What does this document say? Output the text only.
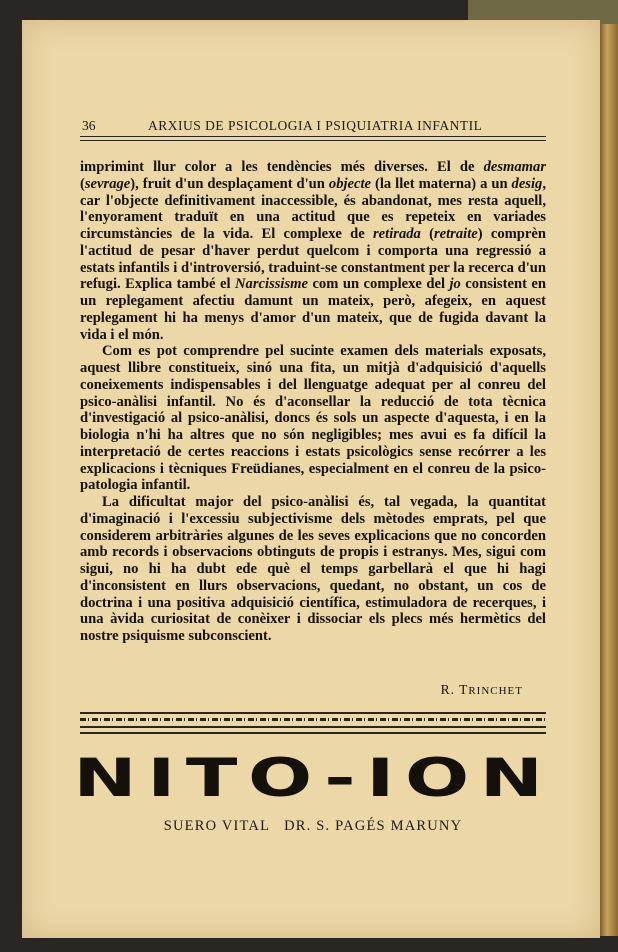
36	ARXIUS DE PSICOLOGIA I PSIQUIATRIA INFANTIL

imprimint llur color a les tendències més diverses. El de desmamar (sevrage), fruit d'un desplaçament d'un objecte (la llet materna) a un desig, car l'objecte definitivament inaccessible, és abandonat, mes resta aquell, l'enyorament traduït en una actitud que es repeteix en variades circumstàncies de la vida. El complexe de retirada (retraite) comprèn l'actitud de pesar d'haver perdut quelcom i comporta una regressió a estats infantils i d'introversió, traduint-se constantment per la recerca d'un refugi. Explica també el Narcissisme com un complexe del jo consistent en un replegament afectiu damunt un mateix, però, afegeix, en aquest replegament hi ha menys d'amor d'un mateix, que de fugida davant la vida i el món.

Com es pot comprendre pel sucinte examen dels materials exposats, aquest llibre constitueix, sinó una fita, un mitjà d'adquisició d'aquells coneixements indispensables i del llenguatge adequat per al conreu del psico-anàlisi infantil. No és d'aconsellar la reducció de tota tècnica d'investigació al psico-anàlisi, doncs és sols un aspecte d'aquesta, i en la biologia n'hi ha altres que no són negligibles; mes avui es fa difícil la interpretació de certes reaccions i estats psicològics sense recórrer a les explicacions i tècniques Freüdianes, especialment en el conreu de la psico-patologia infantil.

La dificultat major del psico-anàlisi és, tal vegada, la quantitat d'imaginació i l'excessiu subjectivisme dels mètodes emprats, pel que considerem arbitràries algunes de les seves explicacions que no concorden amb records i observacions obtinguts de propis i estranys. Mes, sigui com sigui, no hi ha dubt ede què el temps garbellarà el que hi hagi d'inconsistent en llurs observacions, quedant, no obstant, un cos de doctrina i una positiva adquisició científica, estimuladora de recerques, i una àvida curiositat de conèixer i dissociar els plecs més hermètics del nostre psiquisme subconscient.

R. TRINCHET
NITO-ION
SUERO VITAL   DR. S. PAGÉS MARUNY
